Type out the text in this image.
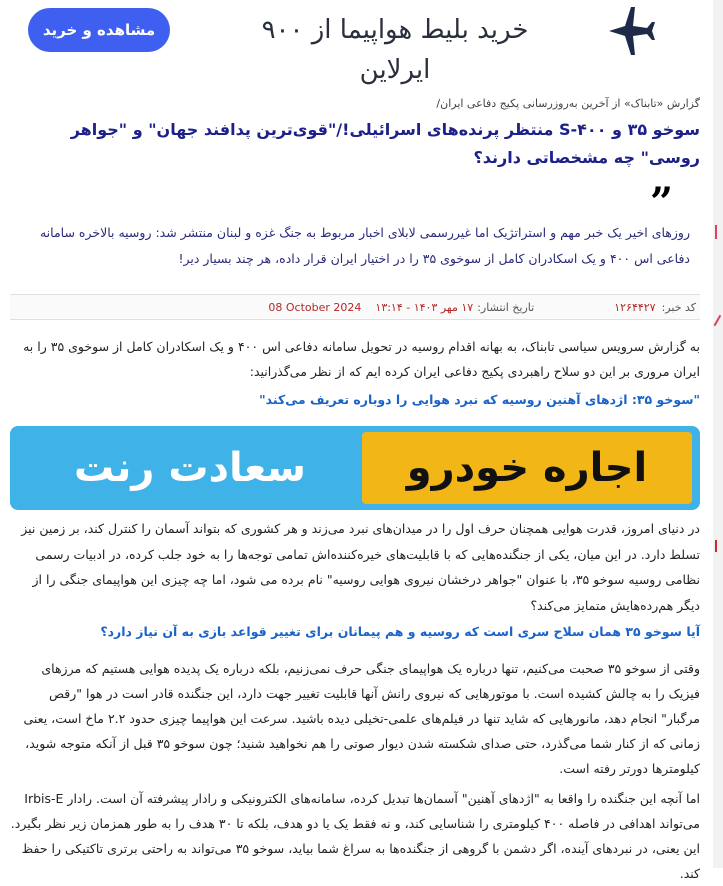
مشاهده و خرید	خرید بلیط هواپیما از ۹۰۰ ایرلاین
گزارش «تابناک» از آخرین به‌روزرسانی پکیج دفاعی ایران/
سوخو ۳۵ و S-۴۰۰ منتظر پرنده‌های اسرائیلی!/"قوی‌ترین پدافند جهان" و "جواهر روسی" چه مشخصاتی دارند؟
”
روزهای اخیر یک خبر مهم و استراتژیک اما غیررسمی لابلای اخبار مربوط به جنگ غزه و لبنان منتشر شد: روسیه بالاخره سامانه دفاعی اس ۴۰۰ و یک اسکادران کامل از سوخوی ۳۵ را در اختیار ایران قرار داده، هر چند بسیار دیر!
کد خبر:
۱۲۶۴۴۲۷
تاریخ انتشار:
۱۷ مهر ۱۴۰۳ - ۱۳:۱۴
08 October 2024
به گزارش سرویس سیاسی تابناک، به بهانه اقدام روسیه در تحویل سامانه دفاعی اس ۴۰۰ و یک اسکادران کامل از سوخوی ۳۵ را به ایران مروری بر این دو سلاح راهبردی پکیج دفاعی ایران کرده ایم که از نظر می‌گذرانید:
"سوخو ۳۵: اژدهای آهنین روسیه که نبرد هوایی را دوباره تعریف می‌کند"
سعادت رنت	اجاره خودرو
در دنیای امروز، قدرت هوایی همچنان حرف اول را در میدان‌های نبرد می‌زند و هر کشوری که بتواند آسمان را کنترل کند، بر زمین نیز تسلط دارد. در این میان، یکی از جنگنده‌هایی که با قابلیت‌های خیره‌کننده‌اش تمامی توجه‌ها را به خود جلب کرده، در ادبیات رسمی نظامی روسیه سوخو ۳۵، با عنوان "جواهر درخشان نیروی هوایی روسیه" نام برده می شود، اما چه چیزی این هواپیمای جنگی را از دیگر هم‌رده‌هایش متمایز می‌کند؟
آیا سوخو ۳۵ همان سلاح سری است که روسیه و هم پیمانان برای تغییر قواعد بازی به آن نیاز دارد؟
وقتی از سوخو ۳۵ صحبت می‌کنیم، تنها درباره یک هواپیمای جنگی حرف نمی‌زنیم، بلکه درباره یک پدیده هوایی هستیم که مرزهای فیزیک را به چالش کشیده است. با موتورهایی که نیروی رانش آنها قابلیت تغییر جهت دارد، این جنگنده قادر است در هوا "رقص مرگبار" انجام دهد، مانورهایی که شاید تنها در فیلم‌های علمی-تخیلی دیده باشید. سرعت این هواپیما چیزی حدود ۲.۲ ماخ است، یعنی زمانی که از کنار شما می‌گذرد، حتی صدای شکسته شدن دیوار صوتی را هم نخواهید شنید؛ چون سوخو ۳۵ قبل از آنکه متوجه شوید، کیلومترها دورتر رفته است.
اما آنچه این جنگنده را واقعا به "اژدهای آهنین" آسمان‌ها تبدیل کرده، سامانه‌های الکترونیکی و رادار پیشرفته آن است. رادار Irbis-E می‌تواند اهدافی در فاصله ۴۰۰ کیلومتری را شناسایی کند، و نه فقط یک یا دو هدف، بلکه تا ۳۰ هدف را به طور همزمان زیر نظر بگیرد. این یعنی، در نبردهای آینده، اگر دشمن با گروهی از جنگنده‌ها به سراغ شما بیاید، سوخو ۳۵ می‌تواند به راحتی برتری تاکتیکی را حفظ کند.
